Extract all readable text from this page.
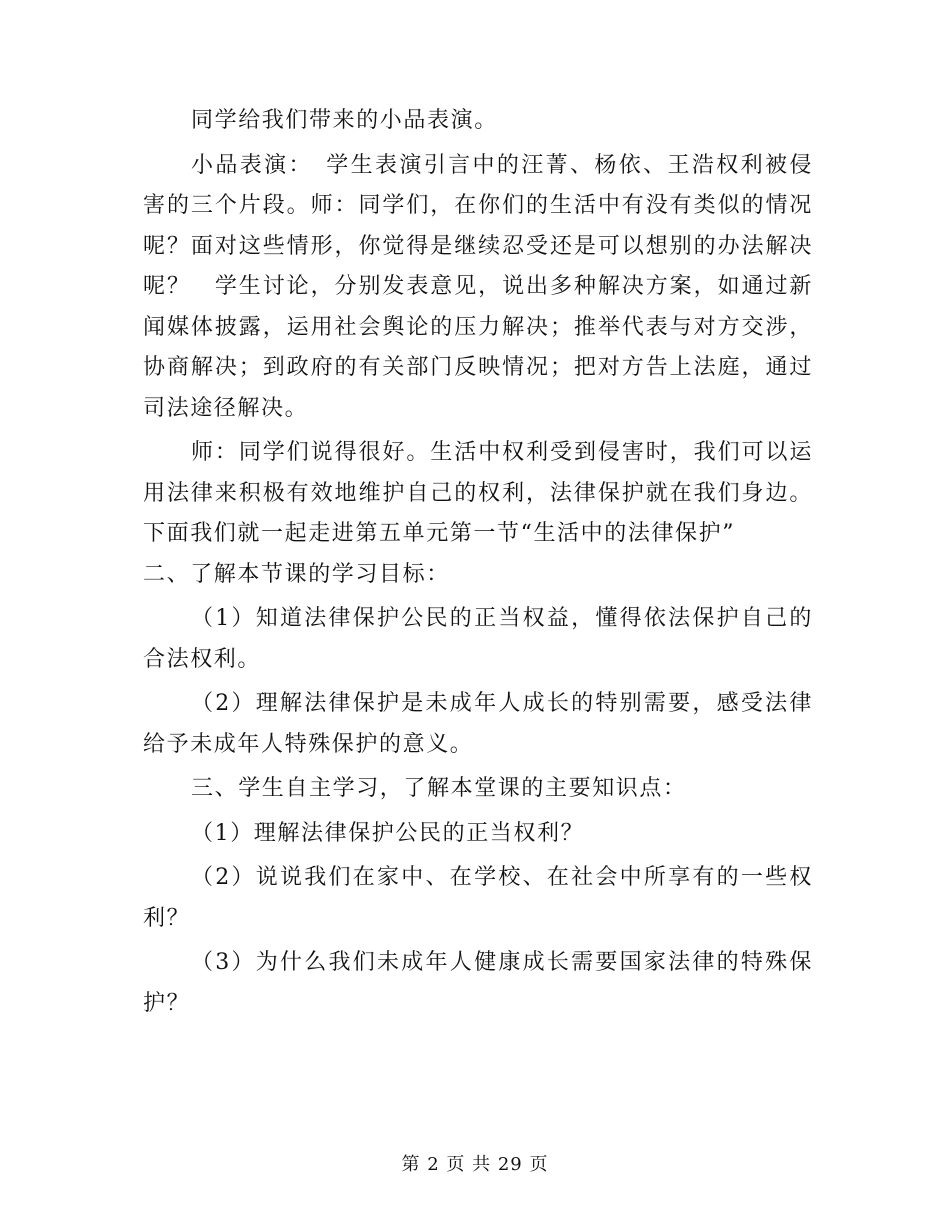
同学给我们带来的小品表演。

小品表演：　学生表演引言中的汪菁、杨依、王浩权利被侵害的三个片段。师：同学们，在你们的生活中有没有类似的情况呢？面对这些情形，你觉得是继续忍受还是可以想别的办法解决呢？　学生讨论，分别发表意见，说出多种解决方案，如通过新闻媒体披露，运用社会舆论的压力解决；推举代表与对方交涉，协商解决；到政府的有关部门反映情况；把对方告上法庭，通过司法途径解决。

师：同学们说得很好。生活中权利受到侵害时，我们可以运用法律来积极有效地维护自己的权利，法律保护就在我们身边。下面我们就一起走进第五单元第一节“生活中的法律保护”

二、了解本节课的学习目标：

（1）知道法律保护公民的正当权益，懂得依法保护自己的合法权利。

（2）理解法律保护是未成年人成长的特别需要，感受法律给予未成年人特殊保护的意义。

三、学生自主学习，了解本堂课的主要知识点：

（1）理解法律保护公民的正当权利？

（2）说说我们在家中、在学校、在社会中所享有的一些权利？

（3）为什么我们未成年人健康成长需要国家法律的特殊保护？

第 2 页 共 29 页
